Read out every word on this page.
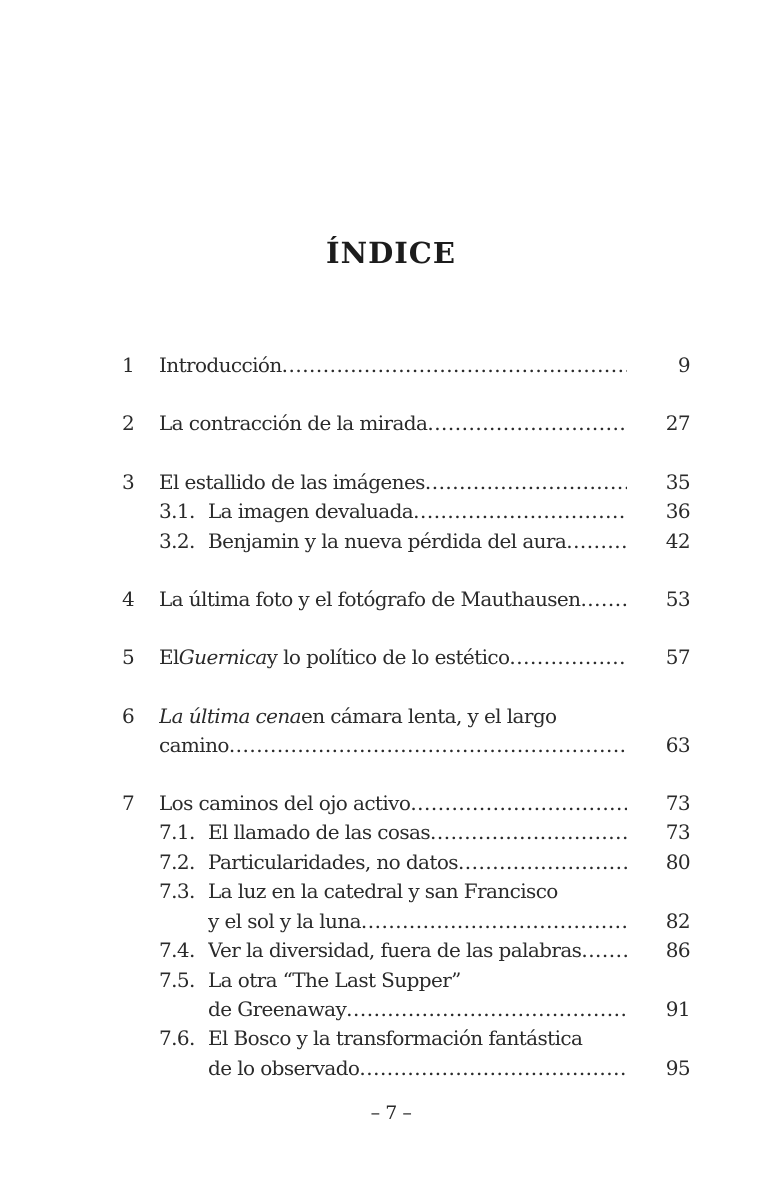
ÍNDICE
1 Introducción .....	9
2 La contracción de la mirada .....	27
3 El estallido de las imágenes .....	35
3.1. La imagen devaluada .....	36
3.2. Benjamin y la nueva pérdida del aura .....	42
4 La última foto y el fotógrafo de Mauthausen .....	53
5 El Guernica y lo político de lo estético .....	57
6 La última cena en cámara lenta, y el largo
camino .....	63
7 Los caminos del ojo activo .....	73
7.1. El llamado de las cosas .....	73
7.2. Particularidades, no datos .....	80
7.3. La luz en la catedral y san Francisco
y el sol y la luna .....	82
7.4. Ver la diversidad, fuera de las palabras .....	86
7.5. La otra “The Last Supper”
de Greenaway .....	91
7.6. El Bosco y la transformación fantástica
de lo observado .....	95
– 7 –
